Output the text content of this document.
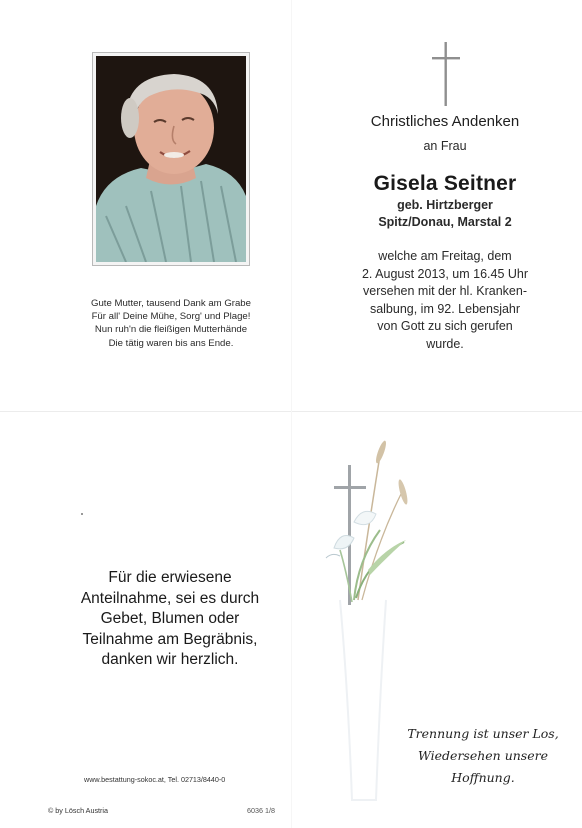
Gute Mutter, tausend Dank am Grabe
Für all' Deine Mühe, Sorg' und Plage!
Nun ruh'n die fleißigen Mutterhände
Die tätig waren bis ans Ende.
Christliches Andenken
an Frau
Gisela Seitner
geb. Hirtzberger
Spitz/Donau, Marstal 2
welche am Freitag, dem
2. August 2013, um 16.45 Uhr
versehen mit der hl. Kranken-
salbung, im 92. Lebensjahr
von Gott zu sich gerufen
wurde.
Für die erwiesene
Anteilnahme, sei es durch
Gebet, Blumen oder
Teilnahme am Begräbnis,
danken wir herzlich.
www.bestattung-sokoc.at, Tel. 02713/8440-0
© by Lösch Austria	6036 1/8
Trennung ist unser Los,
Wiedersehen unsere Hoffnung.
